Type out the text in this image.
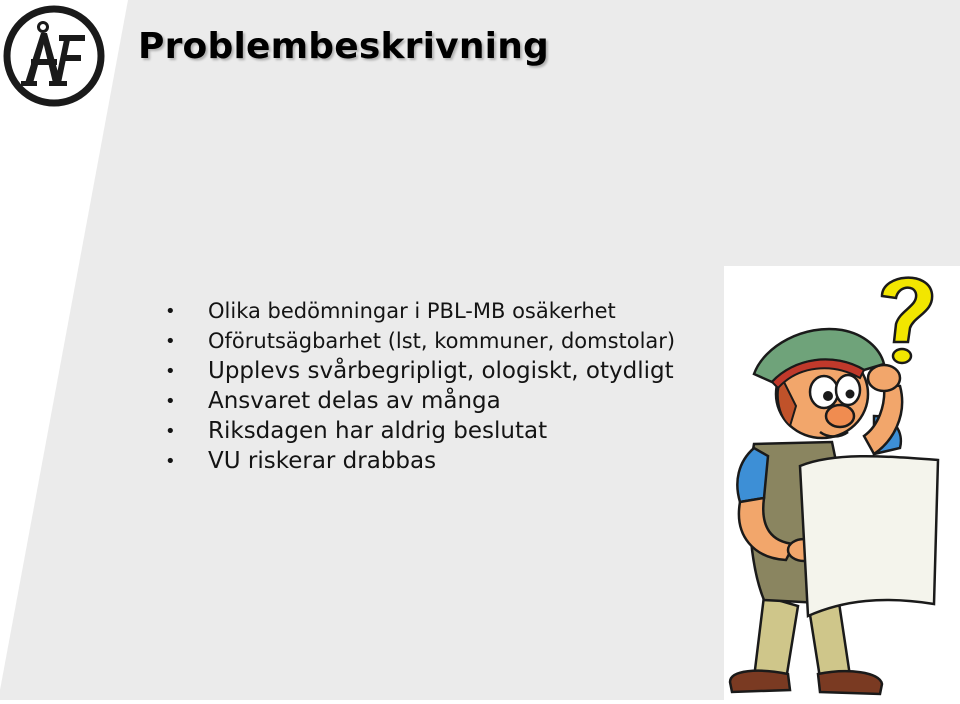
Problembeskrivning
• Olika bedömningar i PBL-MB osäkerhet
• Oförutsägbarhet (lst, kommuner, domstolar)
• Upplevs svårbegripligt, ologiskt, otydligt
• Ansvaret delas av många
• Riksdagen har aldrig beslutat
• VU riskerar drabbas
